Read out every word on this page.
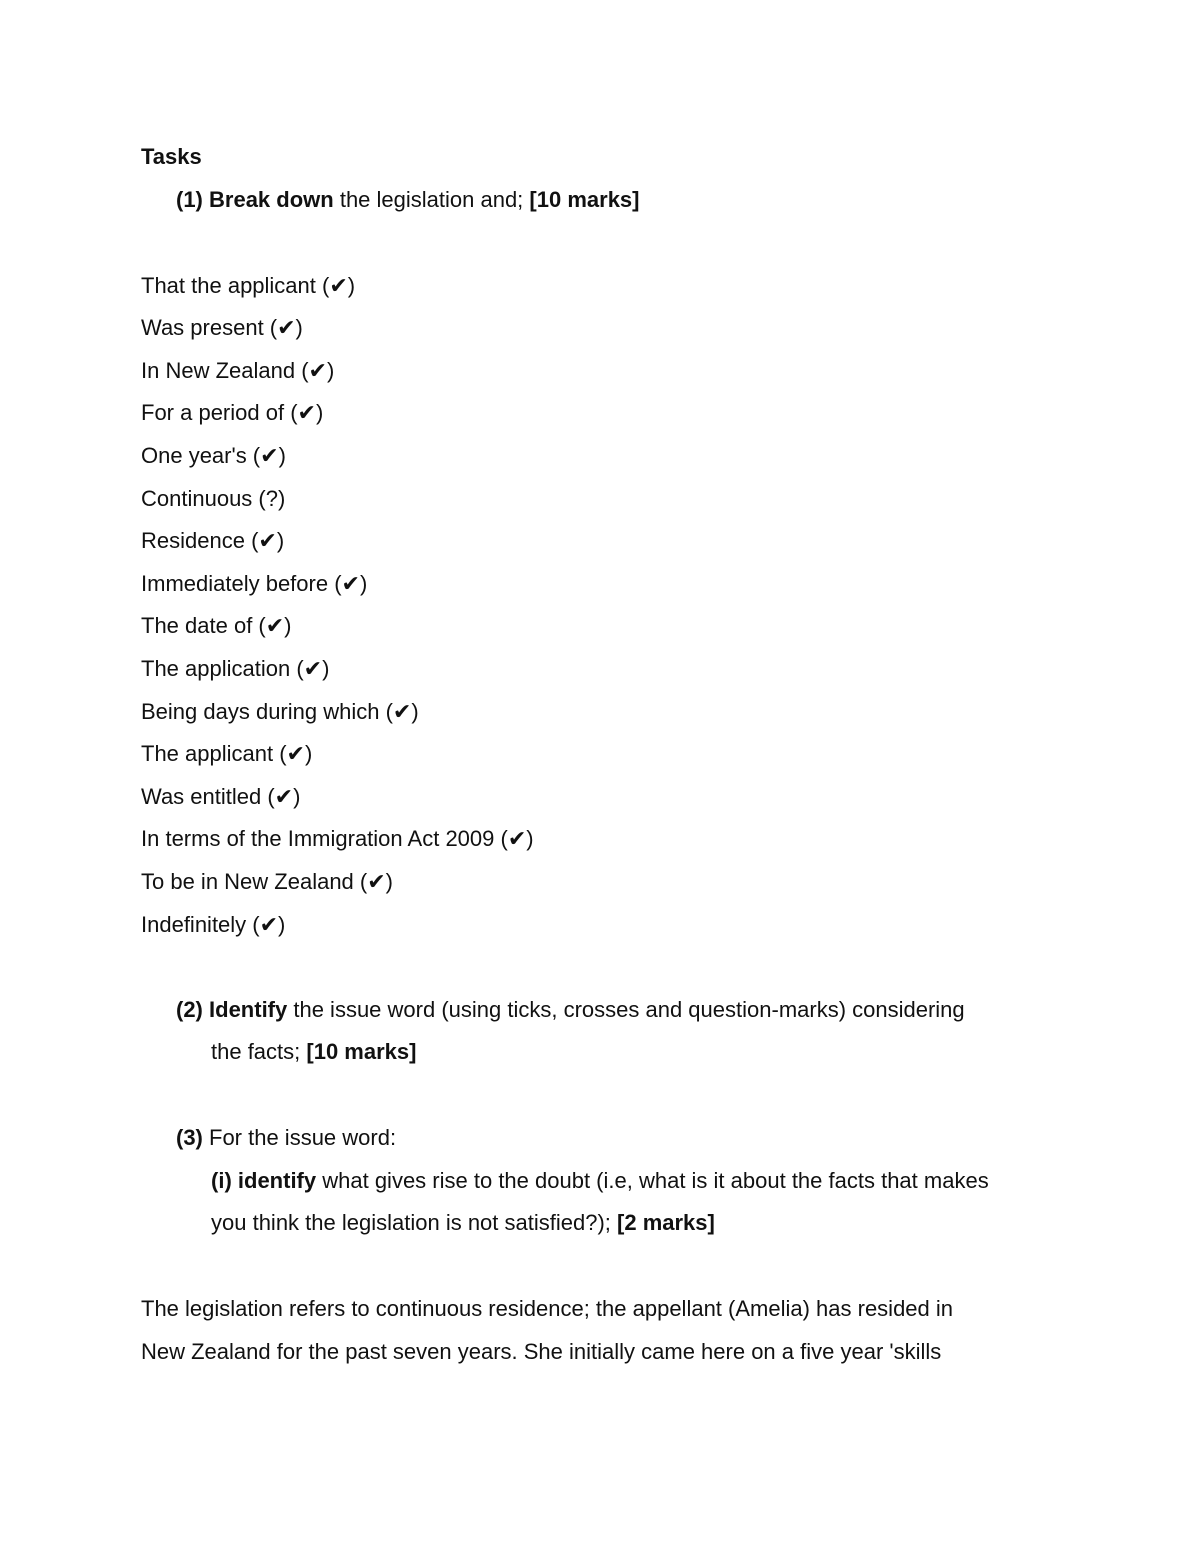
Tasks
(1) Break down the legislation and; [10 marks]
That the applicant (✔)
Was present (✔)
In New Zealand (✔)
For a period of (✔)
One year's (✔)
Continuous (?)
Residence (✔)
Immediately before (✔)
The date of (✔)
The application (✔)
Being days during which (✔)
The applicant (✔)
Was entitled (✔)
In terms of the Immigration Act 2009 (✔)
To be in New Zealand (✔)
Indefinitely (✔)
(2) Identify the issue word (using ticks, crosses and question-marks) considering
the facts; [10 marks]
(3) For the issue word:
(i) identify what gives rise to the doubt (i.e, what is it about the facts that makes
you think the legislation is not satisfied?); [2 marks]
The legislation refers to continuous residence; the appellant (Amelia) has resided in
New Zealand for the past seven years. She initially came here on a five year 'skills
